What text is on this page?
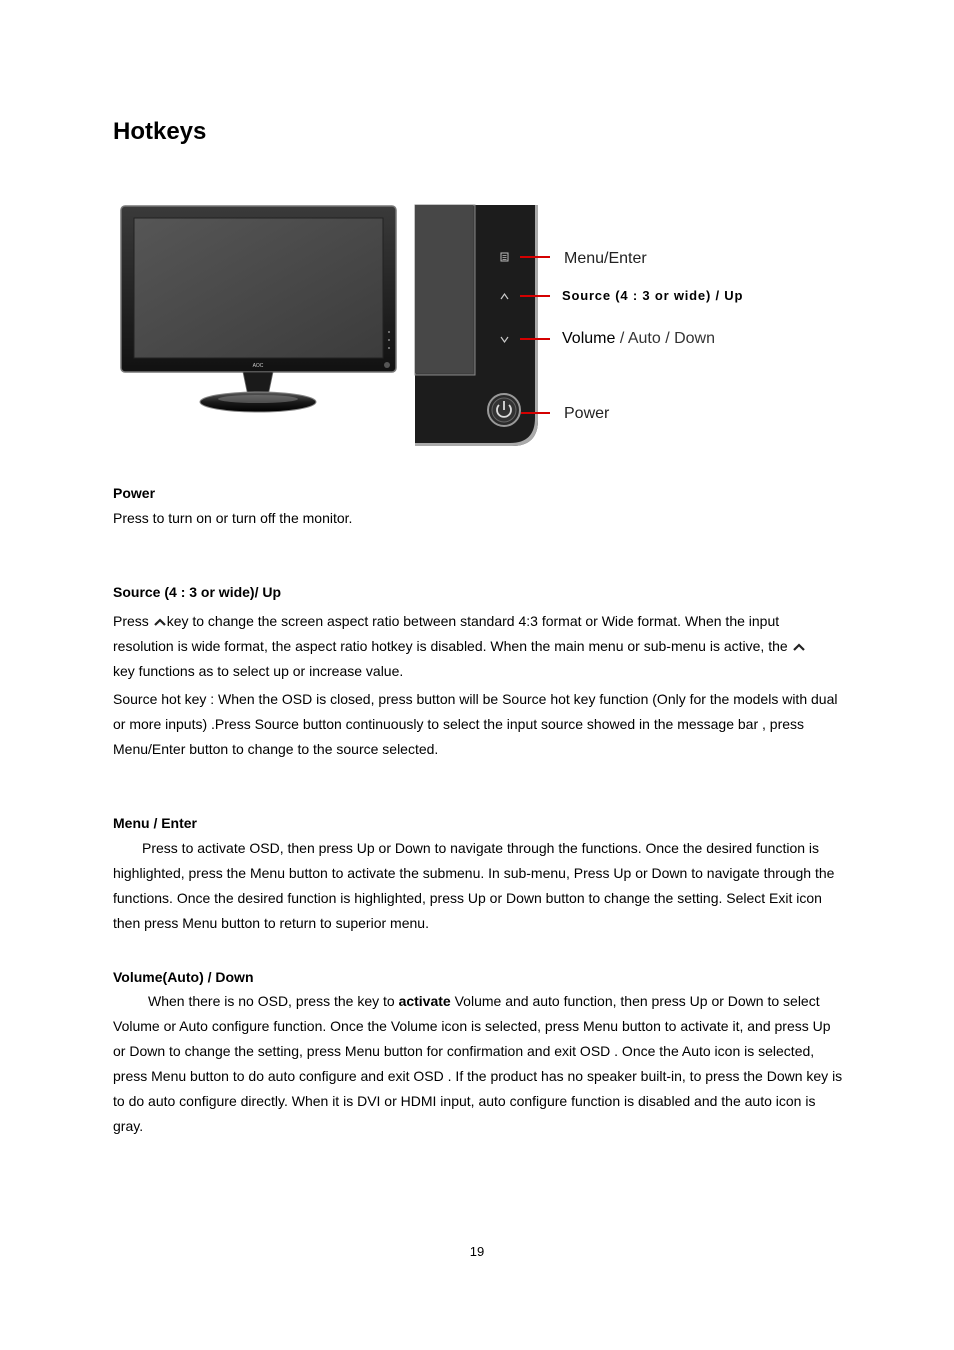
Hotkeys
AOC
Menu/Enter
Source (4 : 3 or wide) / Up
Volume / Auto / Down
Power
Power

Press to turn on or turn off the monitor.

Source (4 : 3 or wide)/ Up

Press key to change the screen aspect ratio between standard 4:3 format or Wide format. When the input resolution is wide format, the aspect ratio hotkey is disabled. When the main menu or sub-menu is active, the
key functions as to select up or increase value.

Source hot key : When the OSD is closed, press button will be Source hot key function (Only for the models with dual or more inputs) .Press Source button continuously to select the input source showed in the message bar , press Menu/Enter button to change to the source selected.

Menu / Enter

Press to activate OSD, then press Up or Down to navigate through the functions. Once the desired function is highlighted, press the Menu button to activate the submenu. In sub-menu, Press Up or Down to navigate through the functions. Once the desired function is highlighted, press Up or Down button to change the setting. Select Exit icon then press Menu button to return to superior menu.

Volume(Auto) / Down

When there is no OSD, press the key to activate Volume and auto function, then press Up or Down to select Volume or Auto configure function. Once the Volume icon is selected, press Menu button to activate it, and press Up or Down to change the setting, press Menu button for confirmation and exit OSD . Once the Auto icon is selected, press Menu button to do auto configure and exit OSD . If the product has no speaker built-in, to press the Down key is to do auto configure directly. When it is DVI or HDMI input, auto configure function is disabled and the auto icon is gray.

19
